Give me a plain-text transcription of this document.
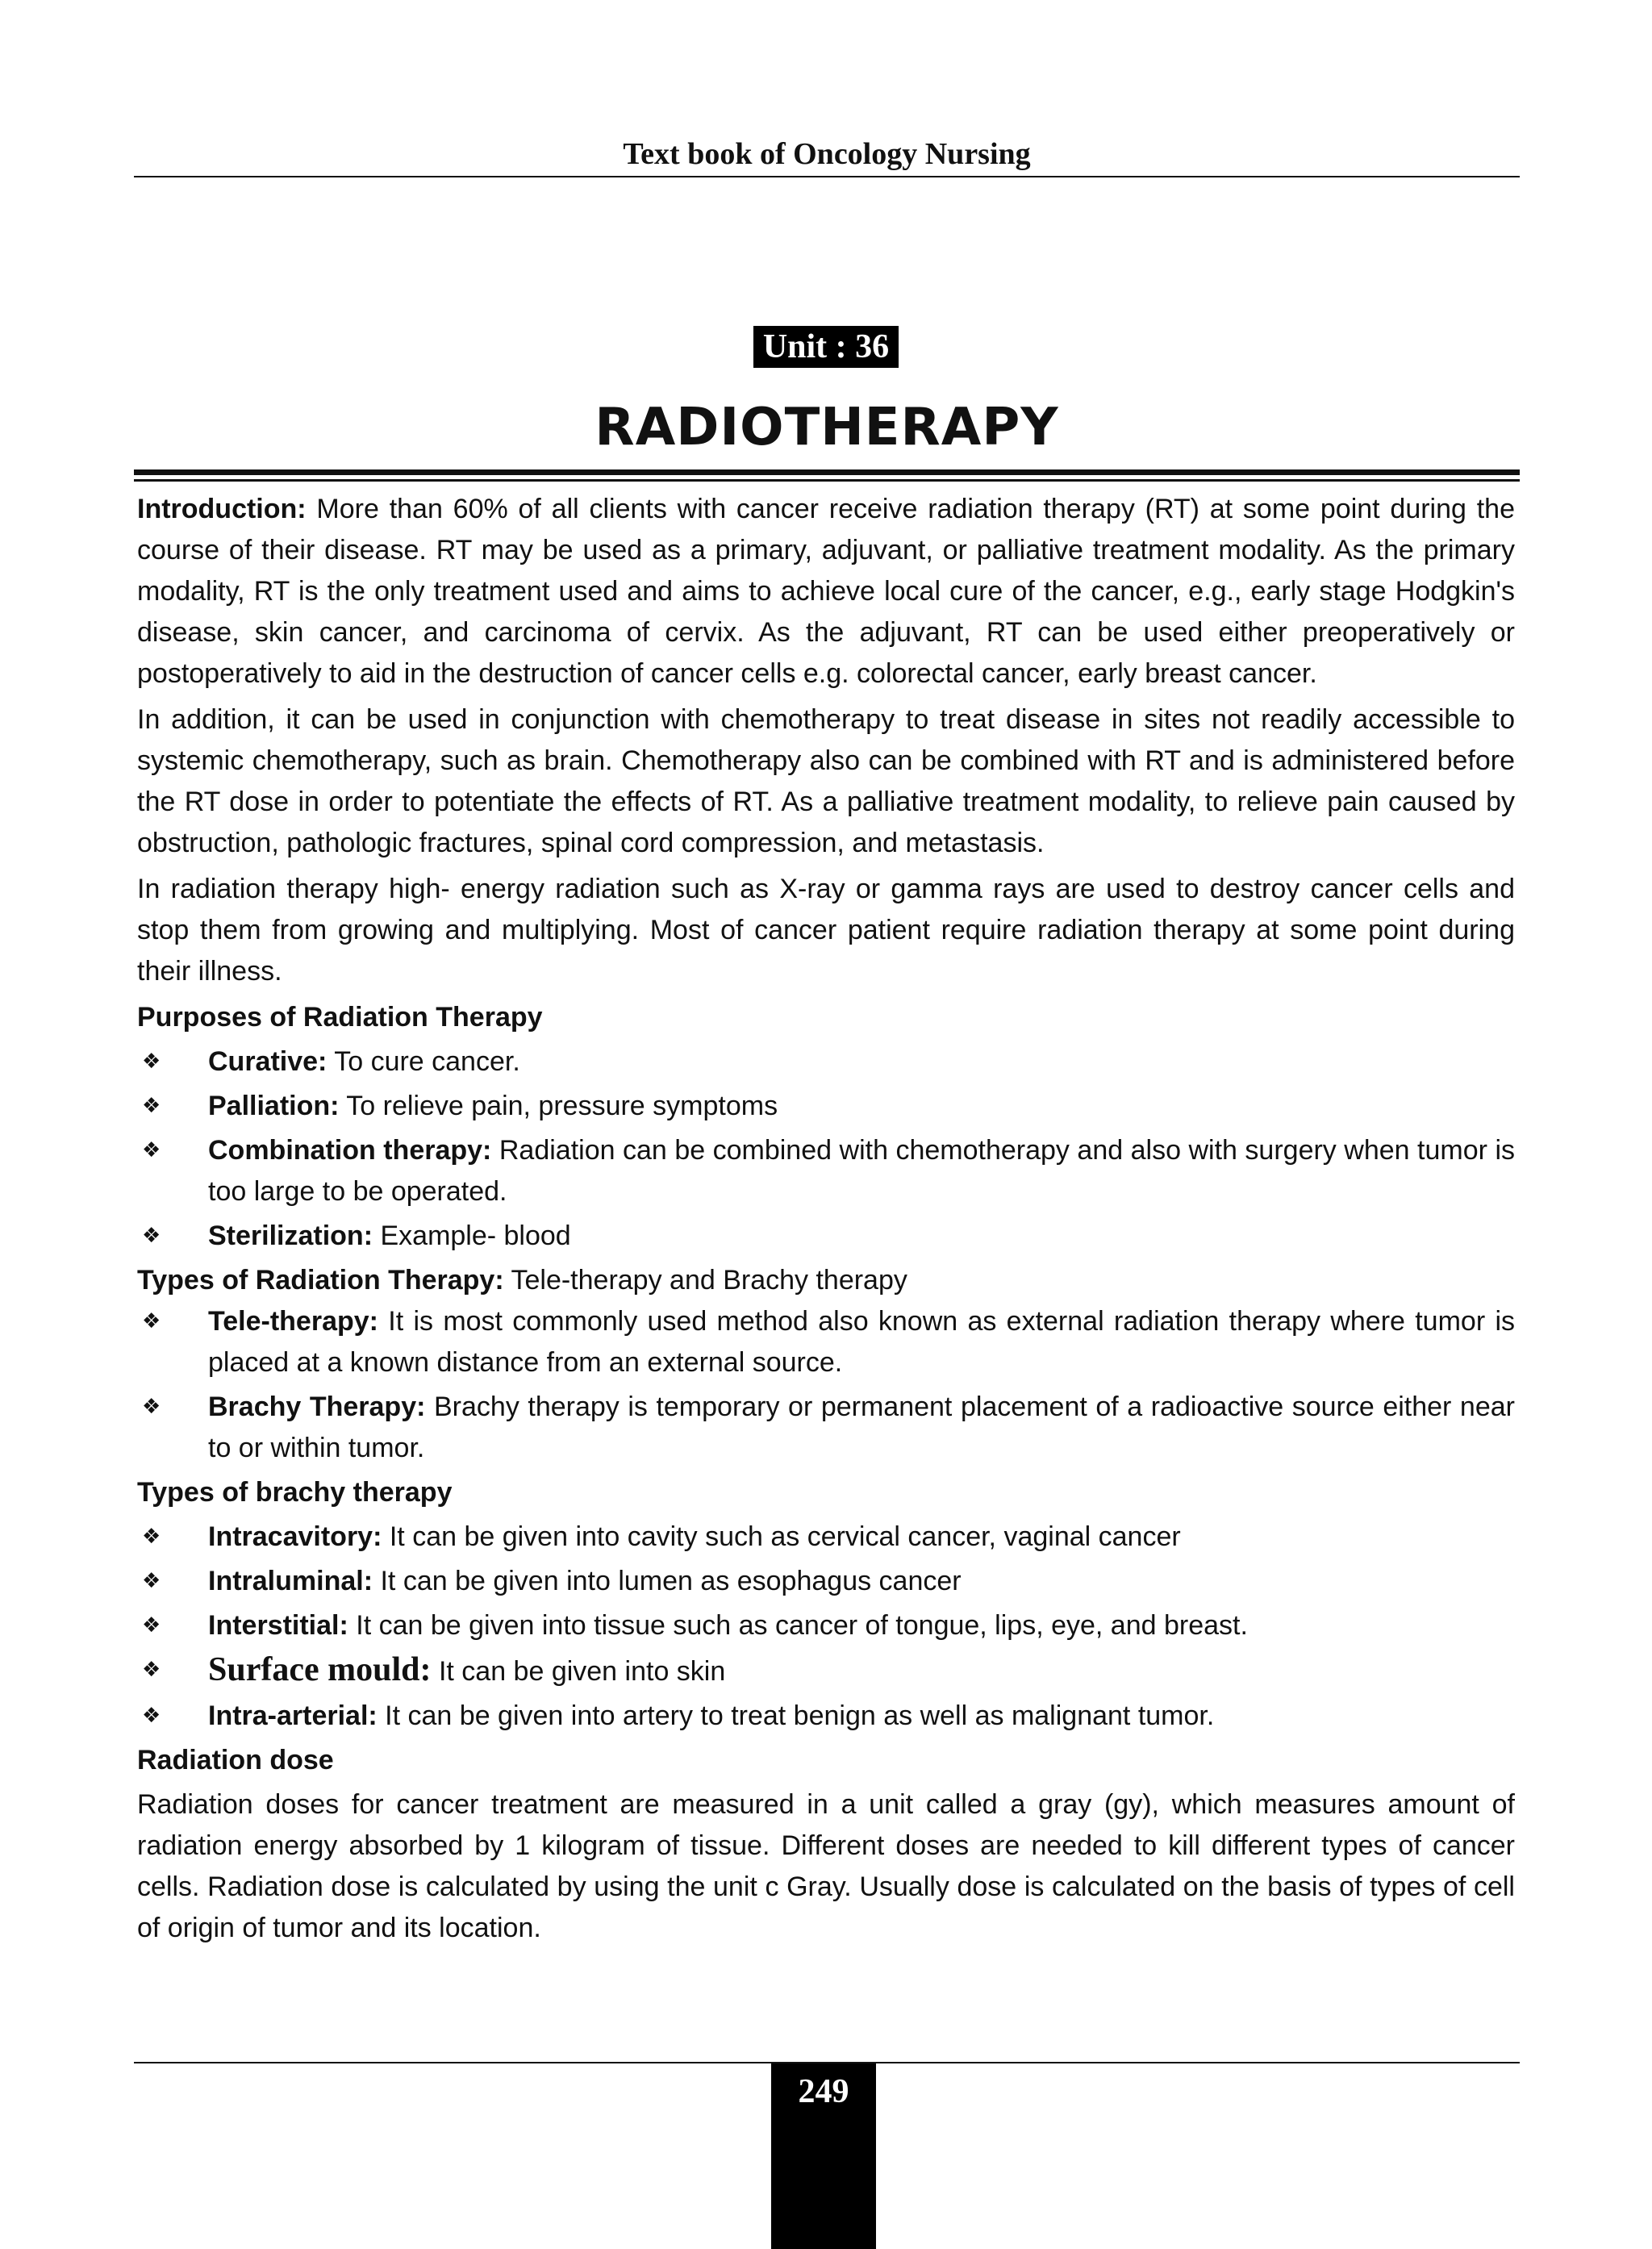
Text book of Oncology Nursing
Unit : 36
RADIOTHERAPY

Introduction: More than 60% of all clients with cancer receive radiation therapy (RT) at some point during the course of their disease. RT may be used as a primary, adjuvant, or palliative treatment modality. As the primary modality, RT is the only treatment used and aims to achieve local cure of the cancer, e.g., early stage Hodgkin's disease, skin cancer, and carcinoma of cervix. As the adjuvant, RT can be used either preoperatively or postoperatively to aid in the destruction of cancer cells e.g. colorectal cancer, early breast cancer.

In addition, it can be used in conjunction with chemotherapy to treat disease in sites not readily accessible to systemic chemotherapy, such as brain. Chemotherapy also can be combined with RT and is administered before the RT dose in order to potentiate the effects of RT. As a palliative treatment modality, to relieve pain caused by obstruction, pathologic fractures, spinal cord compression, and metastasis.

In radiation therapy high- energy radiation such as X-ray or gamma rays are used to destroy cancer cells and stop them from growing and multiplying. Most of cancer patient require radiation therapy at some point during their illness.

Purposes of Radiation Therapy
❖ Curative: To cure cancer.
❖ Palliation: To relieve pain, pressure symptoms
❖ Combination therapy: Radiation can be combined with chemotherapy and also with surgery when tumor is too large to be operated.
❖ Sterilization: Example- blood
Types of Radiation Therapy: Tele-therapy and Brachy therapy
❖ Tele-therapy: It is most commonly used method also known as external radiation therapy where tumor is placed at a known distance from an external source.
❖ Brachy Therapy: Brachy therapy is temporary or permanent placement of a radioactive source either near to or within tumor.
Types of brachy therapy
❖ Intracavitory: It can be given into cavity such as cervical cancer, vaginal cancer
❖ Intraluminal: It can be given into lumen as esophagus cancer
❖ Interstitial: It can be given into tissue such as cancer of tongue, lips, eye, and breast.
❖ Surface mould: It can be given into skin
❖ Intra-arterial: It can be given into artery to treat benign as well as malignant tumor.
Radiation dose

Radiation doses for cancer treatment are measured in a unit called a gray (gy), which measures amount of radiation energy absorbed by 1 kilogram of tissue. Different doses are needed to kill different types of cancer cells. Radiation dose is calculated by using the unit c Gray. Usually dose is calculated on the basis of types of cell of origin of tumor and its location.

249
